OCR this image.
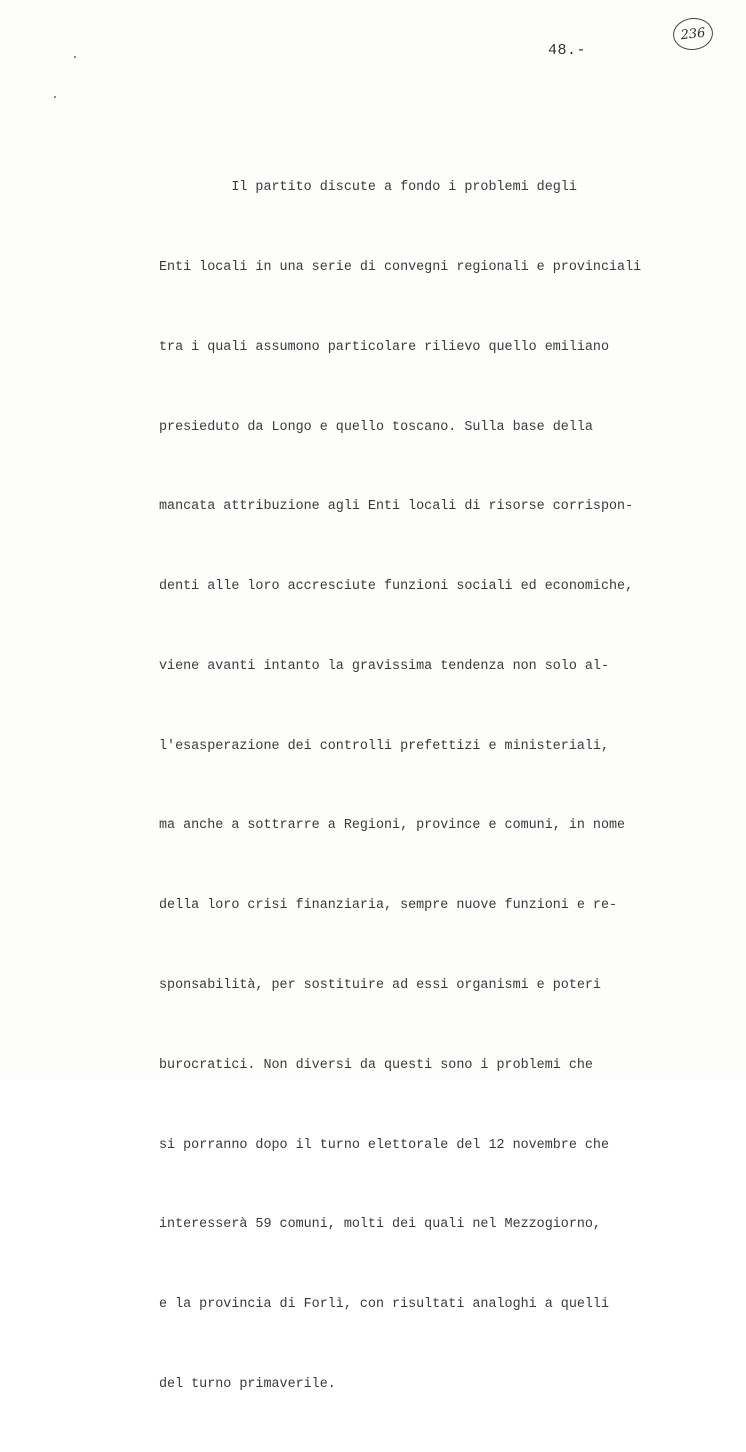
48.-
236

Il partito discute a fondo i problemi degli

Enti locali in una serie di convegni regionali e provinciali

tra i quali assumono particolare rilievo quello emiliano

presieduto da Longo e quello toscano. Sulla base della

mancata attribuzione agli Enti locali di risorse corrispon-

denti alle loro accresciute funzioni sociali ed economiche,

viene avanti intanto la gravissima tendenza non solo al-

l'esasperazione dei controlli prefettizi e ministeriali,

ma anche a sottrarre a Regioni, province e comuni, in nome

della loro crisi finanziaria, sempre nuove funzioni e re-

sponsabilità, per sostituire ad essi organismi e poteri

burocratici. Non diversi da questi sono i problemi che

si porranno dopo il turno elettorale del 12 novembre che

interesserà 59 comuni, molti dei quali nel Mezzogiorno,

e la provincia di Forlì, con risultati analoghi a quelli

del turno primaverile.
